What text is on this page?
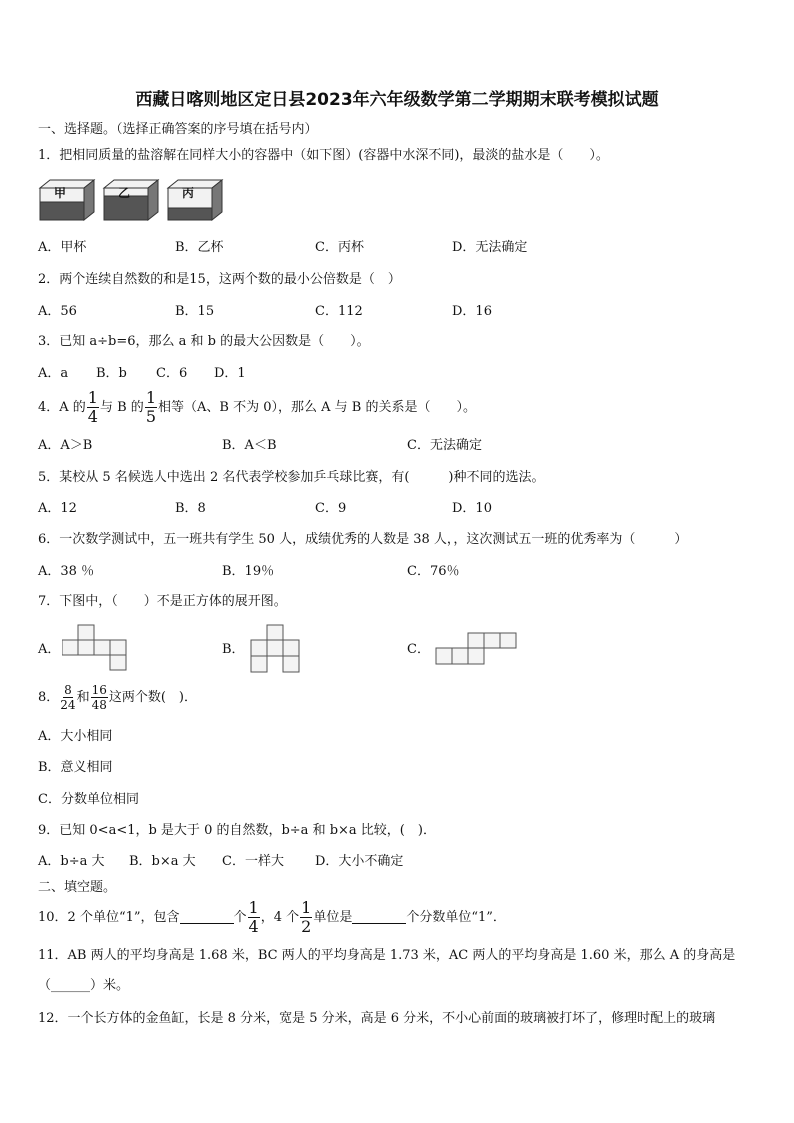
西藏日喀则地区定日县2023年六年级数学第二学期期末联考模拟试题
一、选择题。（选择正确答案的序号填在括号内）
1．把相同质量的盐溶解在同样大小的容器中（如下图）(容器中水深不同)，最淡的盐水是（　　）。
甲	乙	丙
A．甲杯	B．乙杯	C．丙杯	D．无法确定
2．两个连续自然数的和是15，这两个数的最小公倍数是（　）
A．56	B．15	C．112	D．16
3．已知 a÷b=6，那么 a 和 b 的最大公因数是（　　）。
A．a B．b C．6 D．1
4．A 的 $\frac{1}{4}$ 与 B 的 $\frac{1}{5}$ 相等（A、B 不为 0），那么 A 与 B 的关系是（　　）。
A．A＞B	B．A＜B	C．无法确定
5．某校从 5 名候选人中选出 2 名代表学校参加乒乓球比赛，有(　　　)种不同的选法。
A．12	B．8	C．9	D．10
6．一次数学测试中，五一班共有学生 50 人，成绩优秀的人数是 38 人，，这次测试五一班的优秀率为（　　　）
A．38 ％	B．19％	C．76％
7．下图中，（　　）不是正方体的展开图。
A．	B．	C．
8． $\frac{8}{24}$ 和 $\frac{16}{48}$ 这两个数(　)．
A．大小相同
B．意义相同
C．分数单位相同
9．已知 0<a<1，b 是大于 0 的自然数，b÷a 和 b×a 比较，(　)．
A．b÷a 大 B．b×a 大 C．一样大 D．大小不确定
二、填空题。
10．2 个单位“1”，包含	个 $\frac{1}{4}$ ，4 个 $\frac{1}{2}$ 单位是	个分数单位“1”．
11．AB 两人的平均身高是 1.68 米，BC 两人的平均身高是 1.73 米，AC 两人的平均身高是 1.60 米，那么 A 的身高是
（______）米。
12．一个长方体的金鱼缸，长是 8 分米，宽是 5 分米，高是 6 分米，不小心前面的玻璃被打坏了，修理时配上的玻璃
